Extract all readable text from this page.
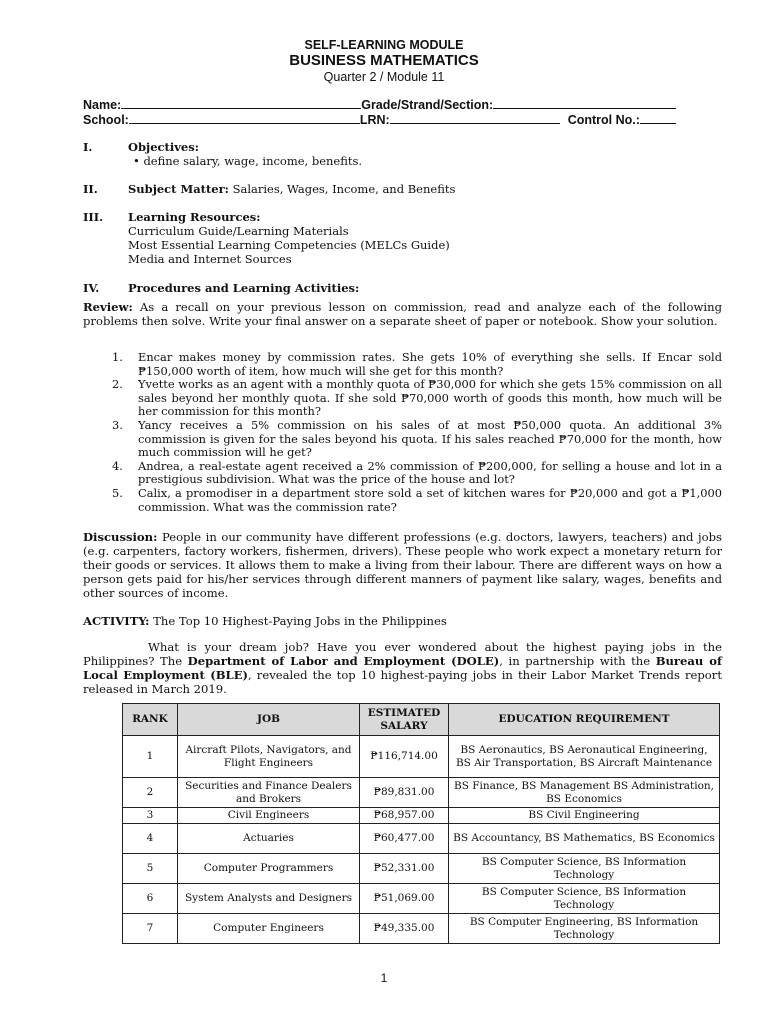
SELF-LEARNING MODULE
BUSINESS MATHEMATICS
Quarter 2 / Module 11
Name:	Grade/Strand/Section:
School:	LRN:	Control No.:
I.	Objectives:
• define salary, wage, income, benefits.
II.	Subject Matter: Salaries, Wages, Income, and Benefits
III. Learning Resources:
Curriculum Guide/Learning Materials
Most Essential Learning Competencies (MELCs Guide)
Media and Internet Sources
IV. Procedures and Learning Activities:
Review: As a recall on your previous lesson on commission, read and analyze each of the following problems then solve. Write your final answer on a separate sheet of paper or notebook. Show your solution.
1. Encar makes money by commission rates. She gets 10% of everything she sells. If Encar sold ₱150,000 worth of item, how much will she get for this month?
2. Yvette works as an agent with a monthly quota of ₱30,000 for which she gets 15% commission on all sales beyond her monthly quota. If she sold ₱70,000 worth of goods this month, how much will be her commission for this month?
3. Yancy receives a 5% commission on his sales of at most ₱50,000 quota. An additional 3% commission is given for the sales beyond his quota. If his sales reached ₱70,000 for the month, how much commission will he get?
4. Andrea, a real-estate agent received a 2% commission of ₱200,000, for selling a house and lot in a prestigious subdivision. What was the price of the house and lot?
5. Calix, a promodiser in a department store sold a set of kitchen wares for ₱20,000 and got a ₱1,000 commission. What was the commission rate?
Discussion: People in our community have different professions (e.g. doctors, lawyers, teachers) and jobs (e.g. carpenters, factory workers, fishermen, drivers). These people who work expect a monetary return for their goods or services. It allows them to make a living from their labour. There are different ways on how a person gets paid for his/her services through different manners of payment like salary, wages, benefits and other sources of income.
ACTIVITY: The Top 10 Highest-Paying Jobs in the Philippines
What is your dream job? Have you ever wondered about the highest paying jobs in the Philippines? The Department of Labor and Employment (DOLE), in partnership with the Bureau of Local Employment (BLE), revealed the top 10 highest-paying jobs in their Labor Market Trends report released in March 2019.
RANK	JOB	ESTIMATED SALARY	EDUCATION REQUIREMENT
1	Aircraft Pilots, Navigators, and Flight Engineers	₱116,714.00	BS Aeronautics, BS Aeronautical Engineering, BS Air Transportation, BS Aircraft Maintenance
2	Securities and Finance Dealers and Brokers	₱89,831.00	BS Finance, BS Management BS Administration, BS Economics
3	Civil Engineers	₱68,957.00	BS Civil Engineering
4	Actuaries	₱60,477.00	BS Accountancy, BS Mathematics, BS Economics
5	Computer Programmers	₱52,331.00	BS Computer Science, BS Information Technology
6	System Analysts and Designers	₱51,069.00	BS Computer Science, BS Information Technology
7	Computer Engineers	₱49,335.00	BS Computer Engineering, BS Information Technology
1
